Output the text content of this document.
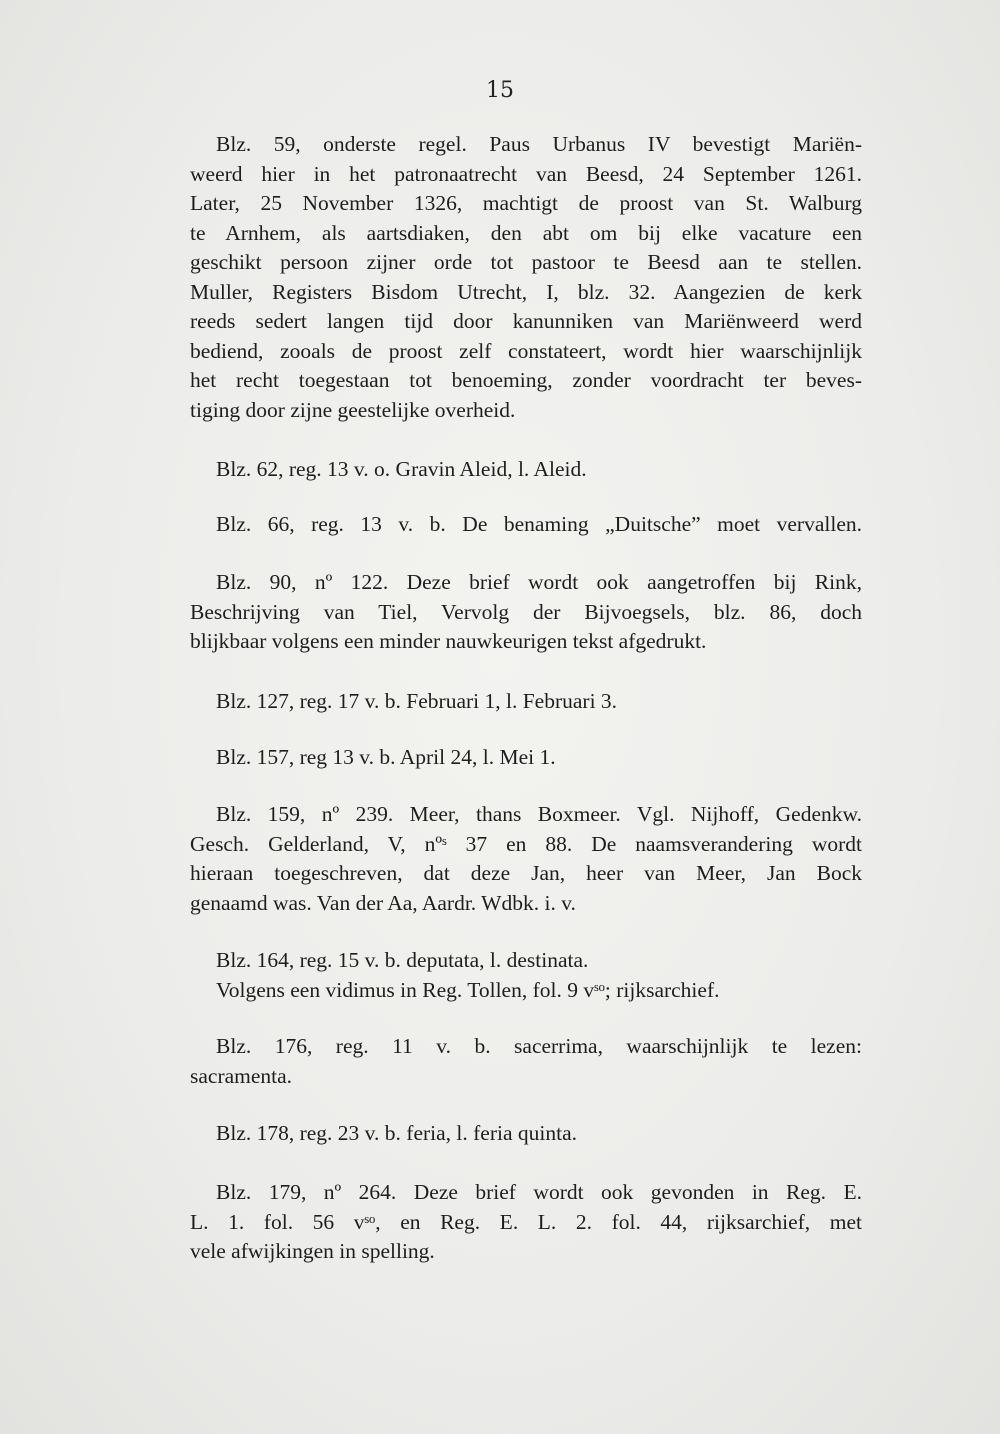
15
Blz. 59, onderste regel. Paus Urbanus IV bevestigt Mariën-
weerd hier in het patronaatrecht van Beesd, 24 September 1261.
Later, 25 November 1326, machtigt de proost van St. Walburg
te Arnhem, als aartsdiaken, den abt om bij elke vacature een
geschikt persoon zijner orde tot pastoor te Beesd aan te stellen.
Muller, Registers Bisdom Utrecht, I, blz. 32. Aangezien de kerk
reeds sedert langen tijd door kanunniken van Mariënweerd werd
bediend, zooals de proost zelf constateert, wordt hier waarschijnlijk
het recht toegestaan tot benoeming, zonder voordracht ter beves-
tiging door zijne geestelijke overheid.
Blz. 62, reg. 13 v. o. Gravin Aleid, l. Aleid.
Blz. 66, reg. 13 v. b. De benaming „Duitsche” moet vervallen.
Blz. 90, nº 122. Deze brief wordt ook aangetroffen bij Rink,
Beschrijving van Tiel, Vervolg der Bijvoegsels, blz. 86, doch
blijkbaar volgens een minder nauwkeurigen tekst afgedrukt.
Blz. 127, reg. 17 v. b. Februari 1, l. Februari 3.
Blz. 157, reg 13 v. b. April 24, l. Mei 1.
Blz. 159, nº 239. Meer, thans Boxmeer. Vgl. Nijhoff, Gedenkw.
Gesch. Gelderland, V, nºˢ 37 en 88. De naamsverandering wordt
hieraan toegeschreven, dat deze Jan, heer van Meer, Jan Bock
genaamd was. Van der Aa, Aardr. Wdbk. i. v.
Blz. 164, reg. 15 v. b. deputata, l. destinata.
Volgens een vidimus in Reg. Tollen, fol. 9 vˢᵒ; rijksarchief.
Blz. 176, reg. 11 v. b. sacerrima, waarschijnlijk te lezen:
sacramenta.
Blz. 178, reg. 23 v. b. feria, l. feria quinta.
Blz. 179, nº 264. Deze brief wordt ook gevonden in Reg. E.
L. 1. fol. 56 vˢᵒ, en Reg. E. L. 2. fol. 44, rijksarchief, met
vele afwijkingen in spelling.
